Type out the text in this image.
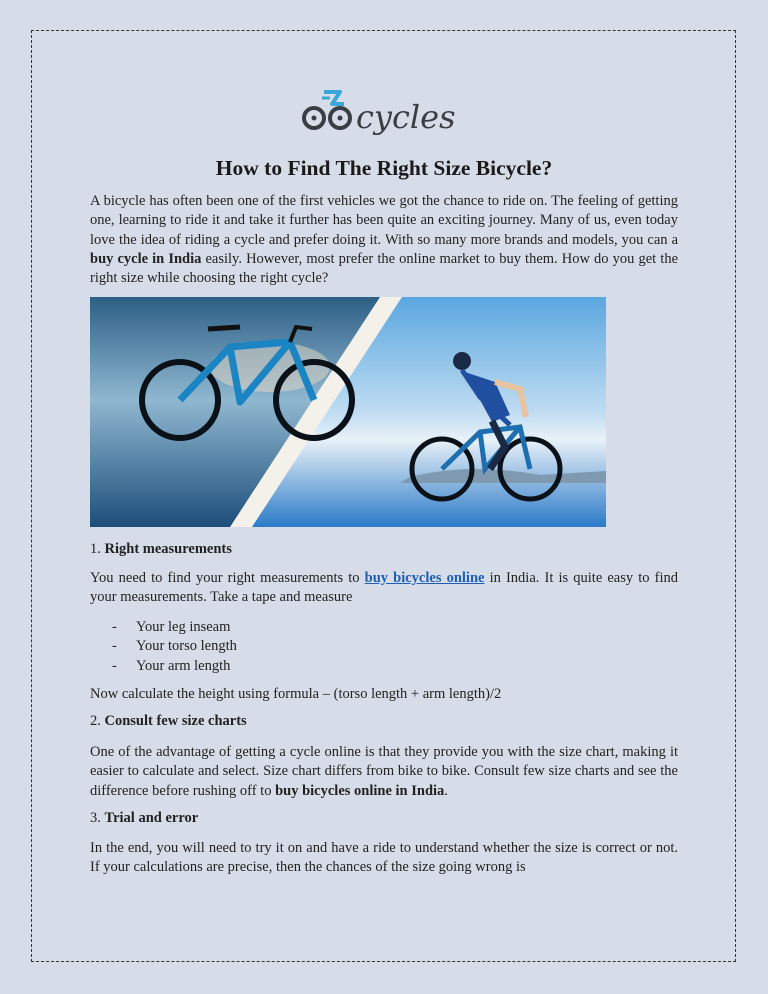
cycles
How to Find The Right Size Bicycle?

A bicycle has often been one of the first vehicles we got the chance to ride on. The feeling of getting one, learning to ride it and take it further has been quite an exciting journey. Many of us, even today love the idea of riding a cycle and prefer doing it. With so many more brands and models, you can a buy cycle in India easily. However, most prefer the online market to buy them. How do you get the right size while choosing the right cycle?

1. Right measurements

You need to find your right measurements to buy bicycles online in India. It is quite easy to find your measurements. Take a tape and measure

- Your leg inseam
- Your torso length
- Your arm length

Now calculate the height using formula – (torso length + arm length)/2

2. Consult few size charts

One of the advantage of getting a cycle online is that they provide you with the size chart, making it easier to calculate and select. Size chart differs from bike to bike. Consult few size charts and see the difference before rushing off to buy bicycles online in India.

3. Trial and error

In the end, you will need to try it on and have a ride to understand whether the size is correct or not. If your calculations are precise, then the chances of the size going wrong is
